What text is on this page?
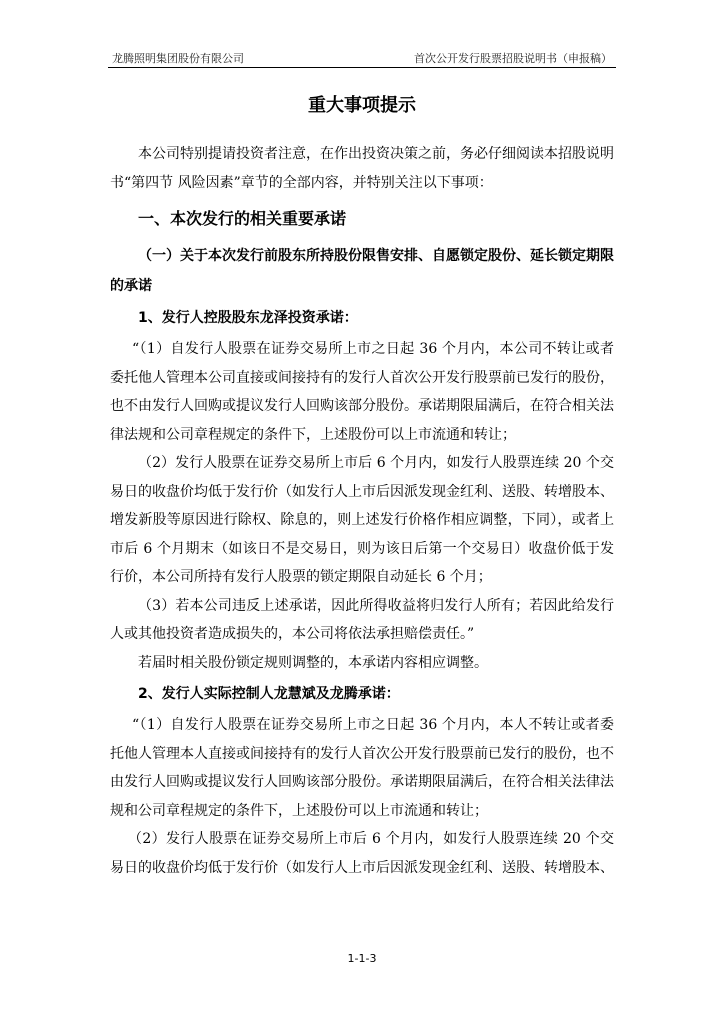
龙腾照明集团股份有限公司	首次公开发行股票招股说明书（申报稿）
重大事项提示

本公司特别提请投资者注意，在作出投资决策之前，务必仔细阅读本招股说明书“第四节 风险因素”章节的全部内容，并特别关注以下事项：

一、本次发行的相关重要承诺

（一）关于本次发行前股东所持股份限售安排、自愿锁定股份、延长锁定期限的承诺

1、发行人控股股东龙泽投资承诺：

“（1）自发行人股票在证券交易所上市之日起 36 个月内，本公司不转让或者委托他人管理本公司直接或间接持有的发行人首次公开发行股票前已发行的股份，也不由发行人回购或提议发行人回购该部分股份。承诺期限届满后，在符合相关法律法规和公司章程规定的条件下，上述股份可以上市流通和转让；

（2）发行人股票在证券交易所上市后 6 个月内，如发行人股票连续 20 个交易日的收盘价均低于发行价（如发行人上市后因派发现金红利、送股、转增股本、增发新股等原因进行除权、除息的，则上述发行价格作相应调整，下同），或者上市后 6 个月期末（如该日不是交易日，则为该日后第一个交易日）收盘价低于发行价，本公司所持有发行人股票的锁定期限自动延长 6 个月；

（3）若本公司违反上述承诺，因此所得收益将归发行人所有；若因此给发行人或其他投资者造成损失的，本公司将依法承担赔偿责任。”

若届时相关股份锁定规则调整的，本承诺内容相应调整。

2、发行人实际控制人龙慧斌及龙腾承诺：

“（1）自发行人股票在证券交易所上市之日起 36 个月内，本人不转让或者委托他人管理本人直接或间接持有的发行人首次公开发行股票前已发行的股份，也不由发行人回购或提议发行人回购该部分股份。承诺期限届满后，在符合相关法律法规和公司章程规定的条件下，上述股份可以上市流通和转让；

（2）发行人股票在证券交易所上市后 6 个月内，如发行人股票连续 20 个交易日的收盘价均低于发行价（如发行人上市后因派发现金红利、送股、转增股本、

1-1-3
